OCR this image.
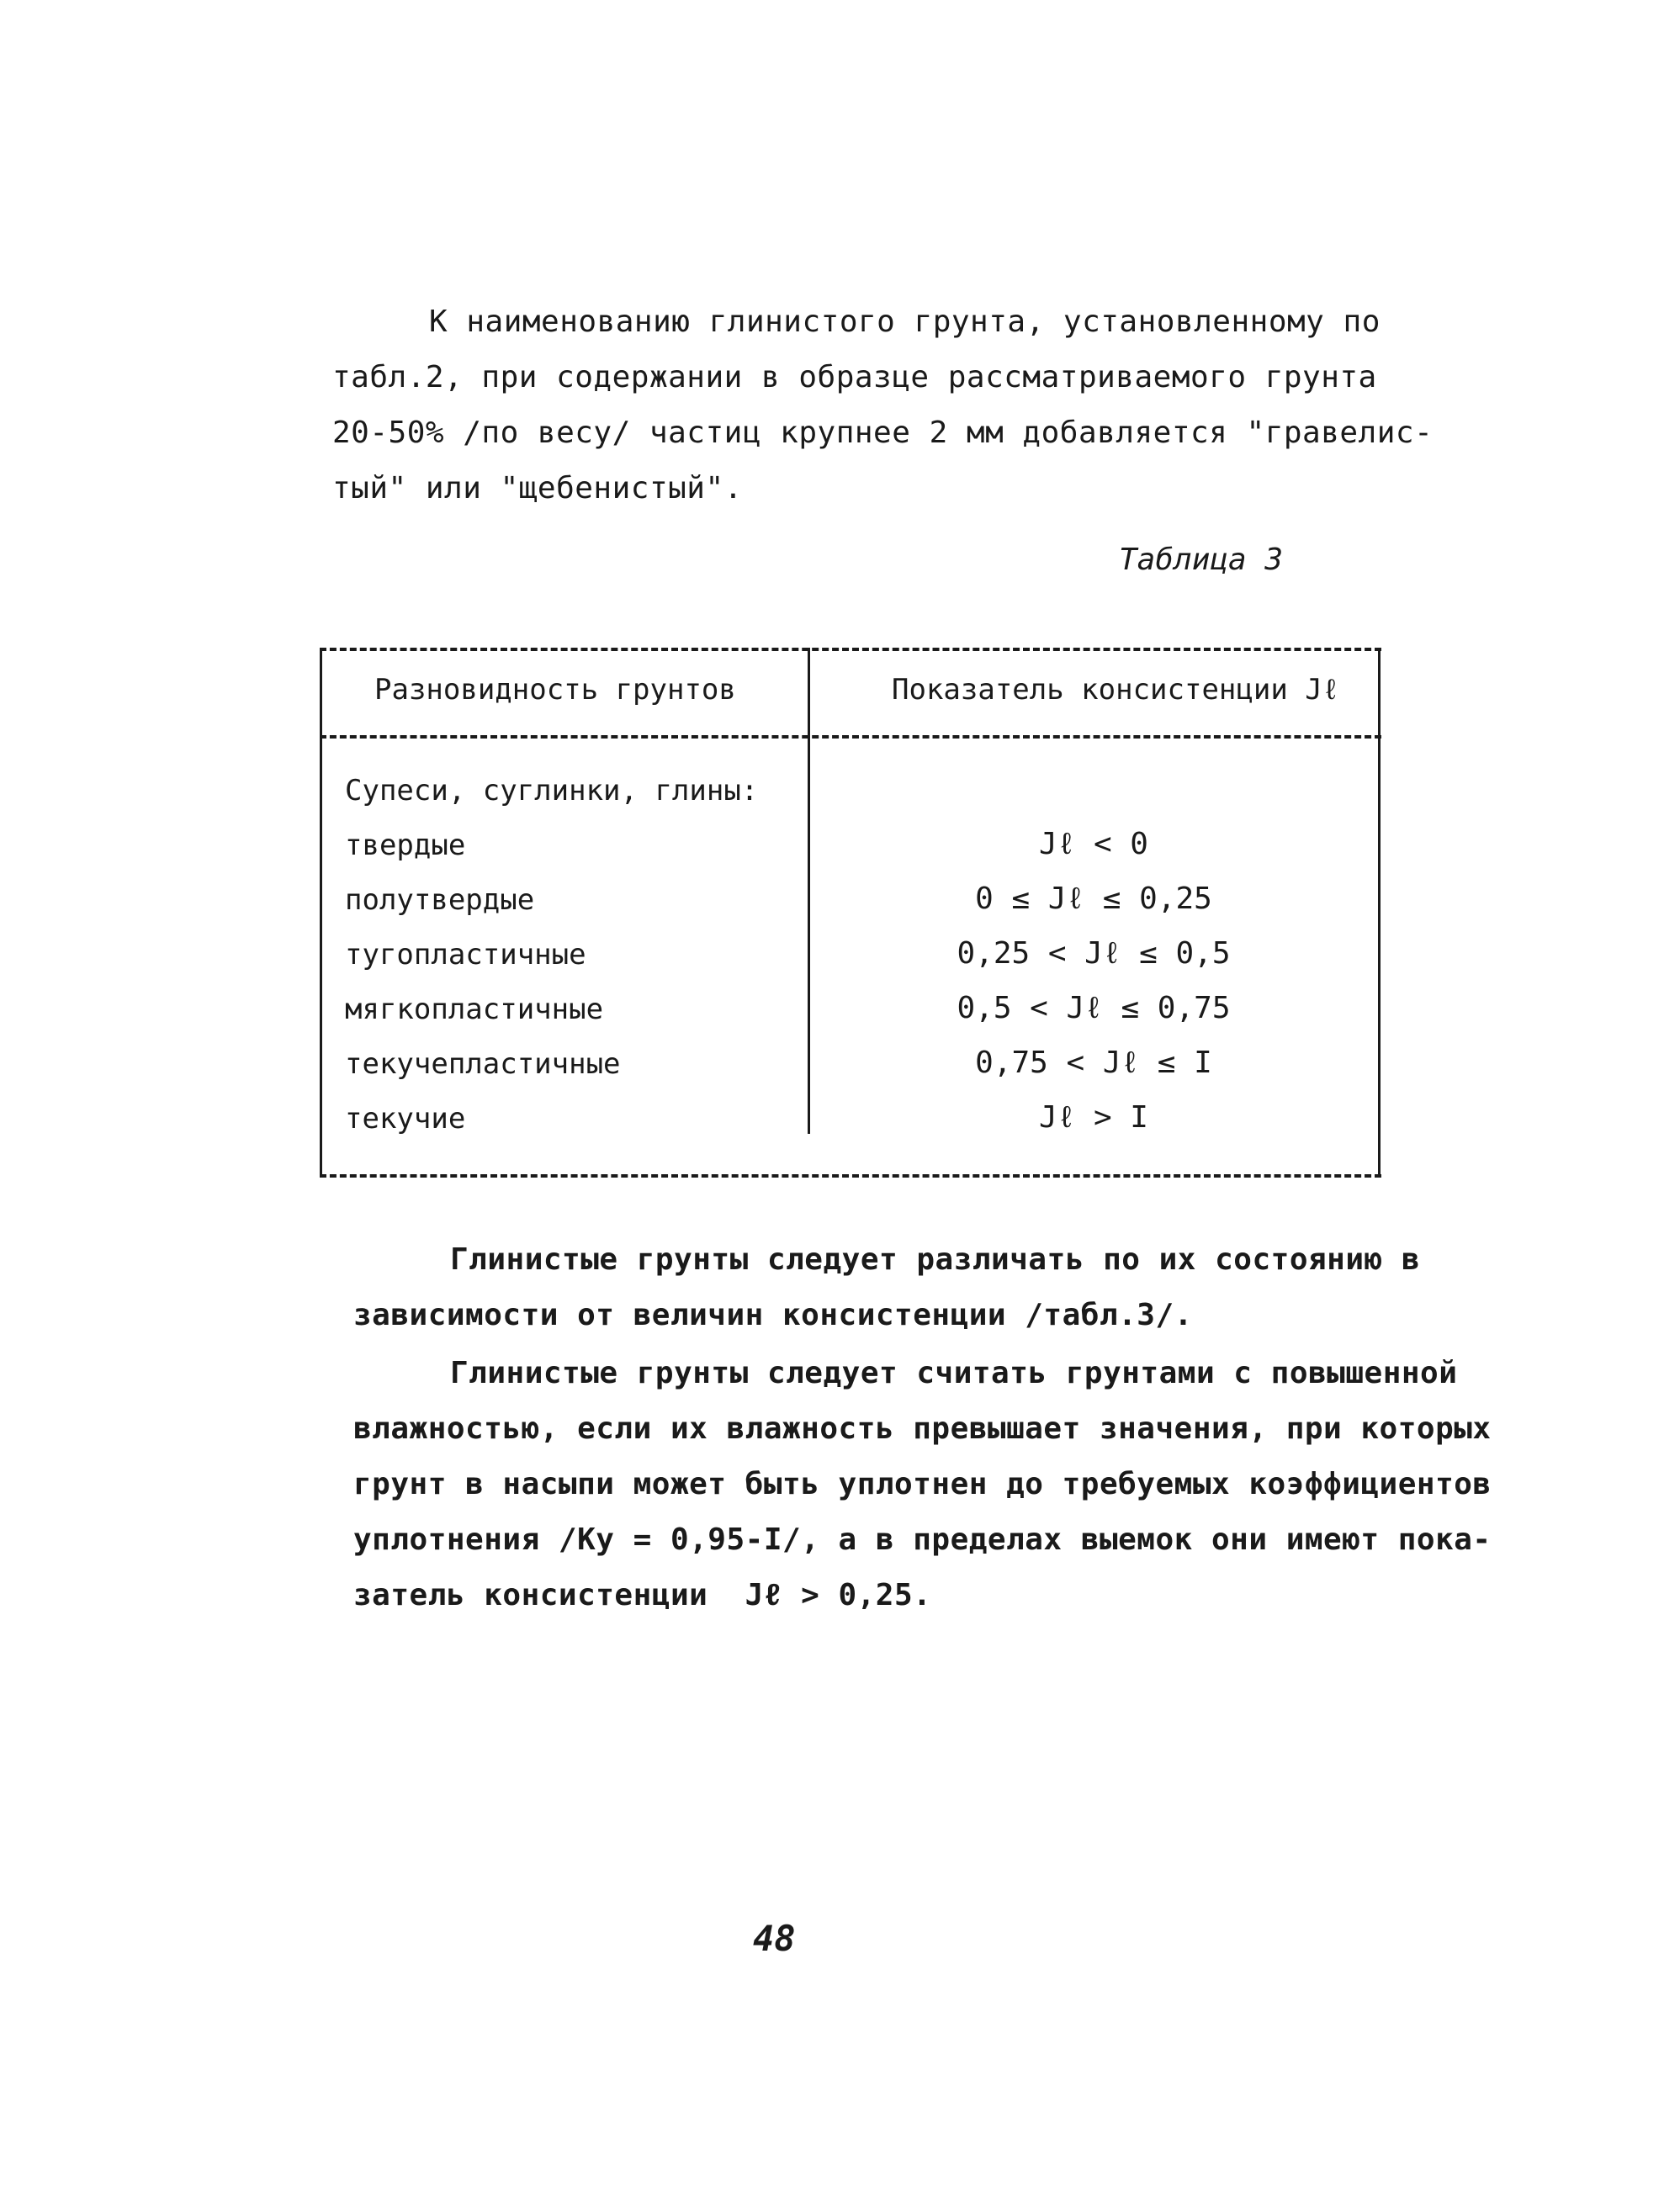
К наименованию глинистого грунта, установленному по
табл.2, при содержании в образце рассматриваемого грунта
20-50% /по весу/ частиц крупнее 2 мм добавляется "гравелис-
тый" или "щебенистый".
Таблица 3
Разновидность грунтов	Показатель консистенции Jℓ
Супеси, суглинки, глины:
твердые	Jℓ < 0
полутвердые	0 ≤ Jℓ ≤ 0,25
тугопластичные	0,25 < Jℓ ≤ 0,5
мягкопластичные	0,5 < Jℓ ≤ 0,75
текучепластичные	0,75 < Jℓ ≤ I
текучие	Jℓ > I
Глинистые грунты следует различать по их состоянию в
зависимости от величин консистенции /табл.3/.
Глинистые грунты следует считать грунтами с повышенной
влажностью, если их влажность превышает значения, при которых
грунт в насыпи может быть уплотнен до требуемых коэффициентов
уплотнения /Ку = 0,95-I/, а в пределах выемок они имеют пока-
затель консистенции  Jℓ > 0,25.
48
